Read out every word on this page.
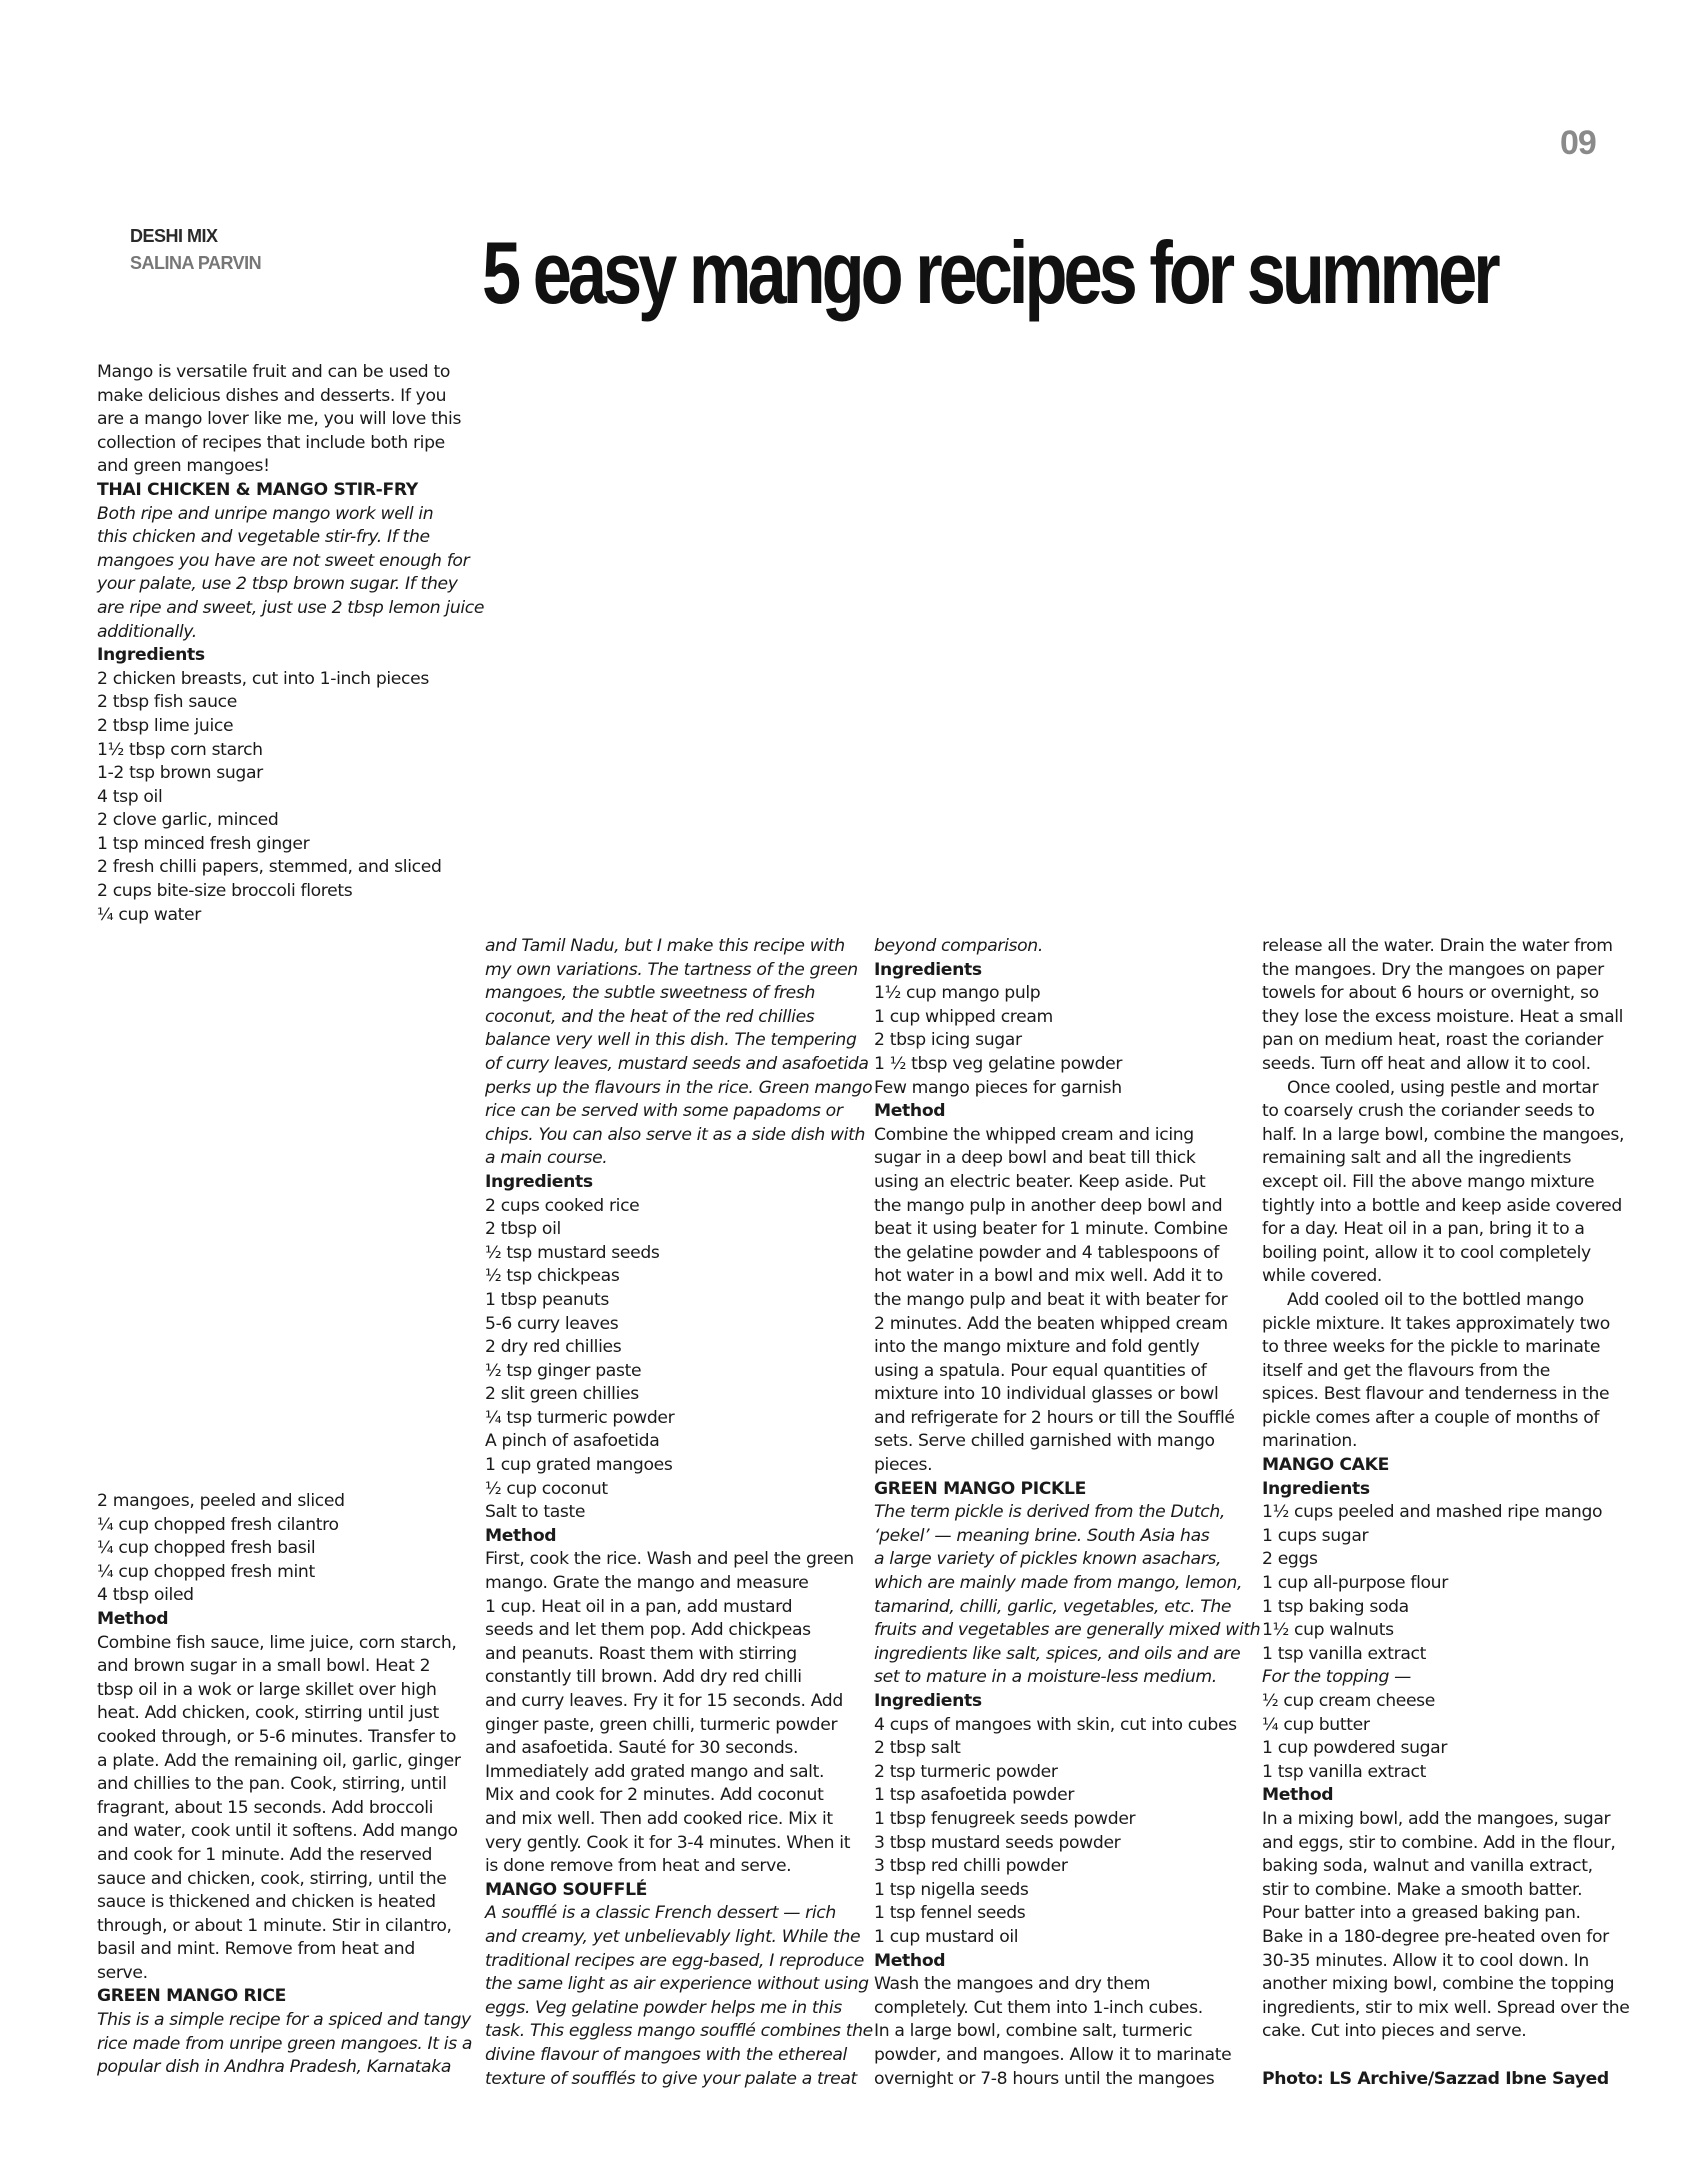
09
DESHI MIX
SALINA PARVIN	5 easy mango recipes for summer
Mango is versatile fruit and can be used to
make delicious dishes and desserts. If you
are a mango lover like me, you will love this
collection of recipes that include both ripe
and green mangoes!
THAI CHICKEN & MANGO STIR-FRY
Both ripe and unripe mango work well in
this chicken and vegetable stir-fry. If the
mangoes you have are not sweet enough for
your palate, use 2 tbsp brown sugar. If they
are ripe and sweet, just use 2 tbsp lemon juice
additionally.
Ingredients
2 chicken breasts, cut into 1-inch pieces
2 tbsp fish sauce
2 tbsp lime juice
1½ tbsp corn starch
1-2 tsp brown sugar
4 tsp oil
2 clove garlic, minced
1 tsp minced fresh ginger
2 fresh chilli papers, stemmed, and sliced
2 cups bite-size broccoli florets
¼ cup water
2 mangoes, peeled and sliced
¼ cup chopped fresh cilantro
¼ cup chopped fresh basil
¼ cup chopped fresh mint
4 tbsp oiled
Method
Combine fish sauce, lime juice, corn starch,
and brown sugar in a small bowl. Heat 2
tbsp oil in a wok or large skillet over high
heat. Add chicken, cook, stirring until just
cooked through, or 5-6 minutes. Transfer to
a plate. Add the remaining oil, garlic, ginger
and chillies to the pan. Cook, stirring, until
fragrant, about 15 seconds. Add broccoli
and water, cook until it softens. Add mango
and cook for 1 minute. Add the reserved
sauce and chicken, cook, stirring, until the
sauce is thickened and chicken is heated
through, or about 1 minute. Stir in cilantro,
basil and mint. Remove from heat and
serve.
GREEN MANGO RICE
This is a simple recipe for a spiced and tangy
rice made from unripe green mangoes. It is a
popular dish in Andhra Pradesh, Karnataka
and Tamil Nadu, but I make this recipe with
my own variations. The tartness of the green
mangoes, the subtle sweetness of fresh
coconut, and the heat of the red chillies
balance very well in this dish. The tempering
of curry leaves, mustard seeds and asafoetida
perks up the flavours in the rice. Green mango
rice can be served with some papadoms or
chips. You can also serve it as a side dish with
a main course.
Ingredients
2 cups cooked rice
2 tbsp oil
½ tsp mustard seeds
½ tsp chickpeas
1 tbsp peanuts
5-6 curry leaves
2 dry red chillies
½ tsp ginger paste
2 slit green chillies
¼ tsp turmeric powder
A pinch of asafoetida
1 cup grated mangoes
½ cup coconut
Salt to taste
Method
First, cook the rice. Wash and peel the green
mango. Grate the mango and measure
1 cup. Heat oil in a pan, add mustard
seeds and let them pop. Add chickpeas
and peanuts. Roast them with stirring
constantly till brown. Add dry red chilli
and curry leaves. Fry it for 15 seconds. Add
ginger paste, green chilli, turmeric powder
and asafoetida. Sauté for 30 seconds.
Immediately add grated mango and salt.
Mix and cook for 2 minutes. Add coconut
and mix well. Then add cooked rice. Mix it
very gently. Cook it for 3-4 minutes. When it
is done remove from heat and serve.
MANGO SOUFFLÉ
A soufflé is a classic French dessert — rich
and creamy, yet unbelievably light. While the
traditional recipes are egg-based, I reproduce
the same light as air experience without using
eggs. Veg gelatine powder helps me in this
task. This eggless mango soufflé combines the
divine flavour of mangoes with the ethereal
texture of soufflés to give your palate a treat
beyond comparison.
Ingredients
1½ cup mango pulp
1 cup whipped cream
2 tbsp icing sugar
1 ½ tbsp veg gelatine powder
Few mango pieces for garnish
Method
Combine the whipped cream and icing
sugar in a deep bowl and beat till thick
using an electric beater. Keep aside. Put
the mango pulp in another deep bowl and
beat it using beater for 1 minute. Combine
the gelatine powder and 4 tablespoons of
hot water in a bowl and mix well. Add it to
the mango pulp and beat it with beater for
2 minutes. Add the beaten whipped cream
into the mango mixture and fold gently
using a spatula. Pour equal quantities of
mixture into 10 individual glasses or bowl
and refrigerate for 2 hours or till the Soufflé
sets. Serve chilled garnished with mango
pieces.
GREEN MANGO PICKLE
The term pickle is derived from the Dutch,
‘pekel’ — meaning brine. South Asia has
a large variety of pickles known asachars,
which are mainly made from mango, lemon,
tamarind, chilli, garlic, vegetables, etc. The
fruits and vegetables are generally mixed with
ingredients like salt, spices, and oils and are
set to mature in a moisture-less medium.
Ingredients
4 cups of mangoes with skin, cut into cubes
2 tbsp salt
2 tsp turmeric powder
1 tsp asafoetida powder
1 tbsp fenugreek seeds powder
3 tbsp mustard seeds powder
3 tbsp red chilli powder
1 tsp nigella seeds
1 tsp fennel seeds
1 cup mustard oil
Method
Wash the mangoes and dry them
completely. Cut them into 1-inch cubes.
In a large bowl, combine salt, turmeric
powder, and mangoes. Allow it to marinate
overnight or 7-8 hours until the mangoes
release all the water. Drain the water from
the mangoes. Dry the mangoes on paper
towels for about 6 hours or overnight, so
they lose the excess moisture. Heat a small
pan on medium heat, roast the coriander
seeds. Turn off heat and allow it to cool.
Once cooled, using pestle and mortar
to coarsely crush the coriander seeds to
half. In a large bowl, combine the mangoes,
remaining salt and all the ingredients
except oil. Fill the above mango mixture
tightly into a bottle and keep aside covered
for a day. Heat oil in a pan, bring it to a
boiling point, allow it to cool completely
while covered.
Add cooled oil to the bottled mango
pickle mixture. It takes approximately two
to three weeks for the pickle to marinate
itself and get the flavours from the
spices. Best flavour and tenderness in the
pickle comes after a couple of months of
marination.
MANGO CAKE
Ingredients
1½ cups peeled and mashed ripe mango
1 cups sugar
2 eggs
1 cup all-purpose flour
1 tsp baking soda
1½ cup walnuts
1 tsp vanilla extract
For the topping —
½ cup cream cheese
¼ cup butter
1 cup powdered sugar
1 tsp vanilla extract
Method
In a mixing bowl, add the mangoes, sugar
and eggs, stir to combine. Add in the flour,
baking soda, walnut and vanilla extract,
stir to combine. Make a smooth batter.
Pour batter into a greased baking pan.
Bake in a 180-degree pre-heated oven for
30-35 minutes. Allow it to cool down. In
another mixing bowl, combine the topping
ingredients, stir to mix well. Spread over the
cake. Cut into pieces and serve.

Photo: LS Archive/Sazzad Ibne Sayed
